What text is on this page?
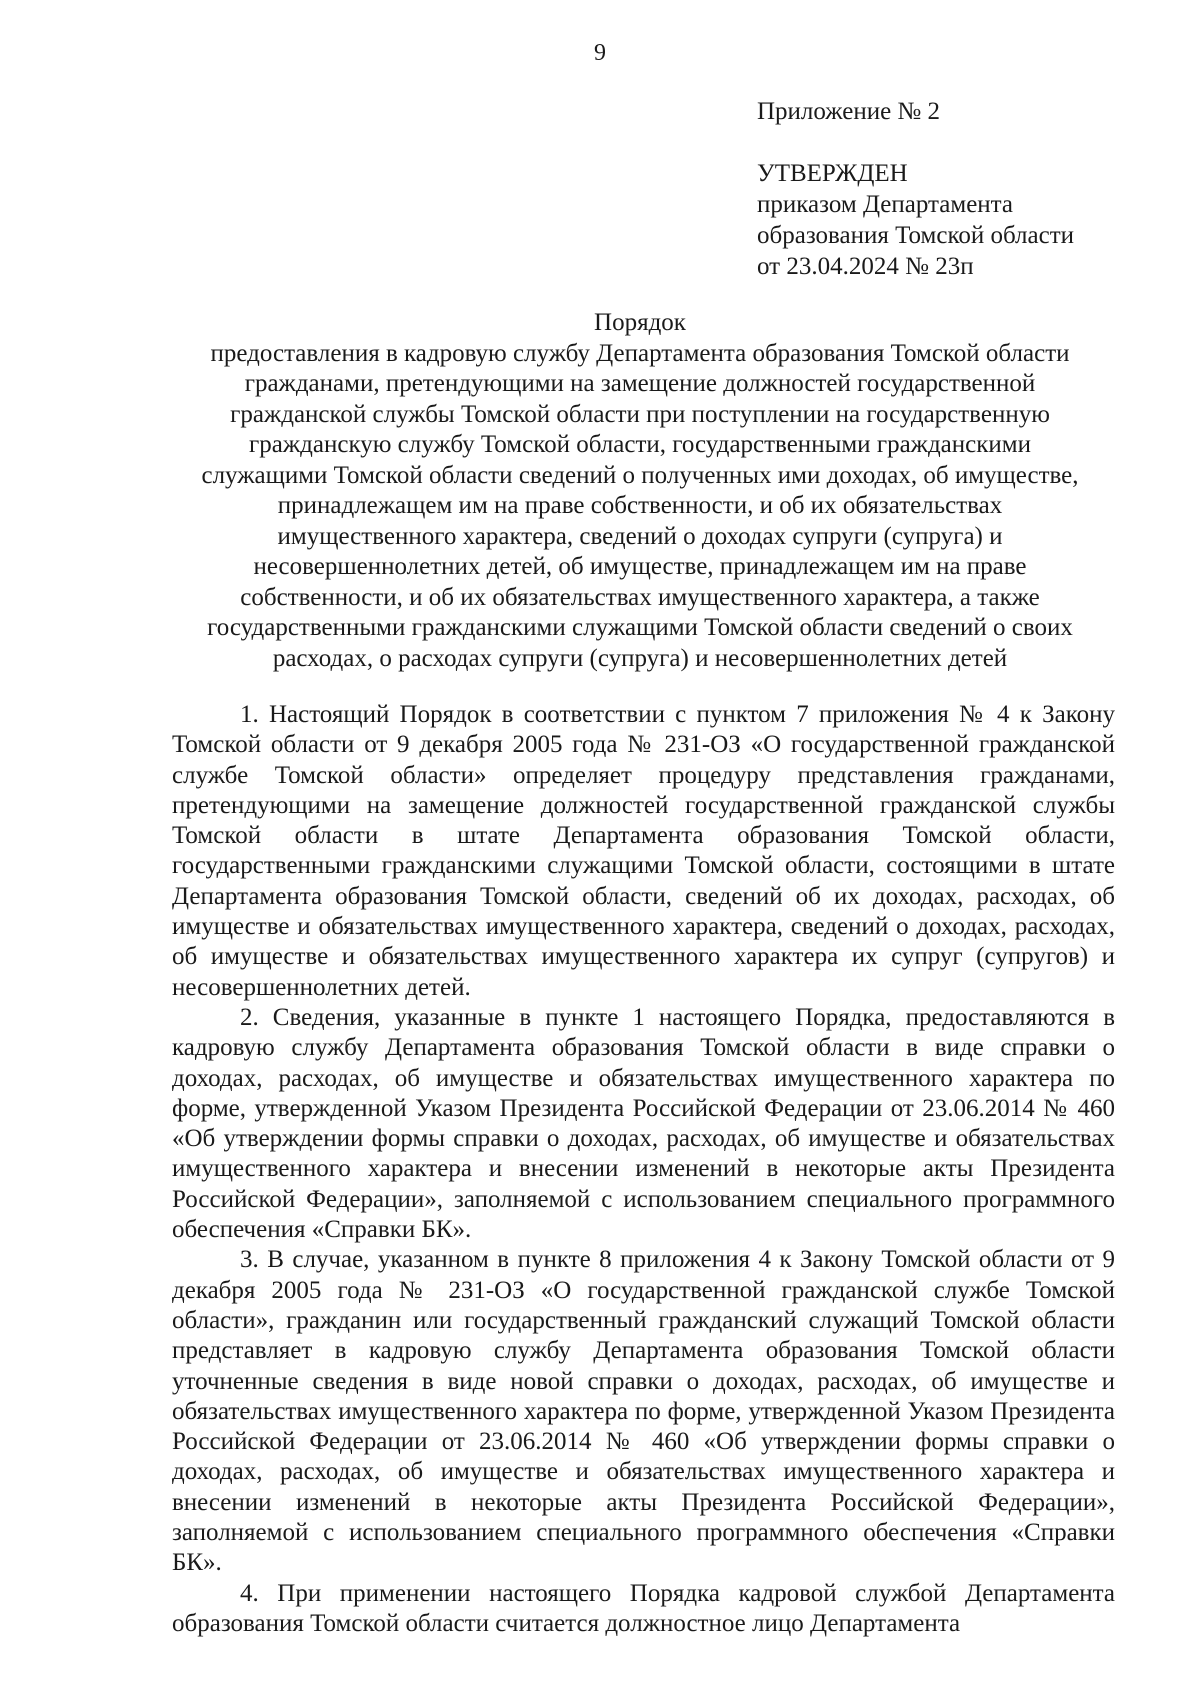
9
Приложение № 2
УТВЕРЖДЕН
приказом Департамента
образования Томской области
от 23.04.2024 № 23п
Порядок
предоставления в кадровую службу Департамента образования Томской области
гражданами, претендующими на замещение должностей государственной
гражданской службы Томской области при поступлении на государственную
гражданскую службу Томской области, государственными гражданскими
служащими Томской области сведений о полученных ими доходах, об имуществе,
принадлежащем им на праве собственности, и об их обязательствах
имущественного характера, сведений о доходах супруги (супруга) и
несовершеннолетних детей, об имуществе, принадлежащем им на праве
собственности, и об их обязательствах имущественного характера, а также
государственными гражданскими служащими Томской области сведений о своих
расходах, о расходах супруги (супруга) и несовершеннолетних детей

1. Настоящий Порядок в соответствии с пунктом 7 приложения № 4 к Закону Томской области от 9 декабря 2005 года № 231-ОЗ «О государственной гражданской службе Томской области» определяет процедуру представления гражданами, претендующими на замещение должностей государственной гражданской службы Томской области в штате Департамента образования Томской области, государственными гражданскими служащими Томской области, состоящими в штате Департамента образования Томской области, сведений об их доходах, расходах, об имуществе и обязательствах имущественного характера, сведений о доходах, расходах, об имуществе и обязательствах имущественного характера их супруг (супругов) и несовершеннолетних детей.

2. Сведения, указанные в пункте 1 настоящего Порядка, предоставляются в кадровую службу Департамента образования Томской области в виде справки о доходах, расходах, об имуществе и обязательствах имущественного характера по форме, утвержденной Указом Президента Российской Федерации от 23.06.2014 № 460 «Об утверждении формы справки о доходах, расходах, об имуществе и обязательствах имущественного характера и внесении изменений в некоторые акты Президента Российской Федерации», заполняемой с использованием специального программного обеспечения «Справки БК».

3. В случае, указанном в пункте 8 приложения 4 к Закону Томской области от 9 декабря 2005 года № 231-ОЗ «О государственной гражданской службе Томской области», гражданин или государственный гражданский служащий Томской области представляет в кадровую службу Департамента образования Томской области уточненные сведения в виде новой справки о доходах, расходах, об имуществе и обязательствах имущественного характера по форме, утвержденной Указом Президента Российской Федерации от 23.06.2014 № 460 «Об утверждении формы справки о доходах, расходах, об имуществе и обязательствах имущественного характера и внесении изменений в некоторые акты Президента Российской Федерации», заполняемой с использованием специального программного обеспечения «Справки БК».

4. При применении настоящего Порядка кадровой службой Департамента образования Томской области считается должностное лицо Департамента
